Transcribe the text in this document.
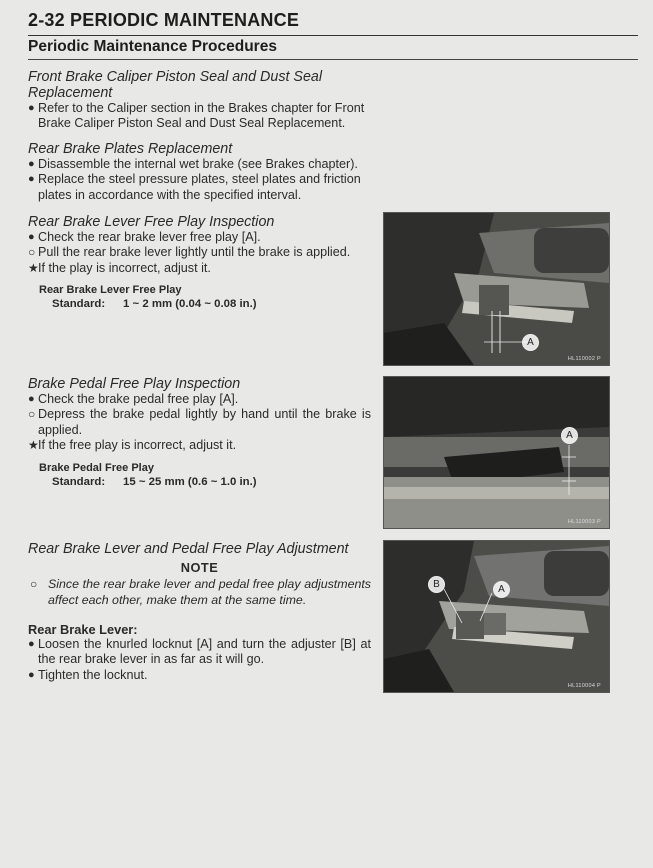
2-32 PERIODIC MAINTENANCE
Periodic Maintenance Procedures
Front Brake Caliper Piston Seal and Dust Seal
Replacement
● Refer to the Caliper section in the Brakes chapter for Front Brake Caliper Piston Seal and Dust Seal Replacement.
Rear Brake Plates Replacement
● Disassemble the internal wet brake (see Brakes chapter).
● Replace the steel pressure plates, steel plates and friction plates in accordance with the specified interval.
Rear Brake Lever Free Play Inspection
● Check the rear brake lever free play [A].
○ Pull the rear brake lever lightly until the brake is applied.
★ If the play is incorrect, adjust it.
Rear Brake Lever Free Play
Standard: 1 ~ 2 mm (0.04 ~ 0.08 in.)
Brake Pedal Free Play Inspection
● Check the brake pedal free play [A].
○ Depress the brake pedal lightly by hand until the brake is applied.
★ If the free play is incorrect, adjust it.
Brake Pedal Free Play
Standard: 15 ~ 25 mm (0.6 ~ 1.0 in.)
Rear Brake Lever and Pedal Free Play Adjustment
NOTE
○ Since the rear brake lever and pedal free play adjustments affect each other, make them at the same time.
Rear Brake Lever:
● Loosen the knurled locknut [A] and turn the adjuster [B] at the rear brake lever in as far as it will go.
● Tighten the locknut.
A
HL110002 P
A
HL110003 P
B	A
HL110004 P
